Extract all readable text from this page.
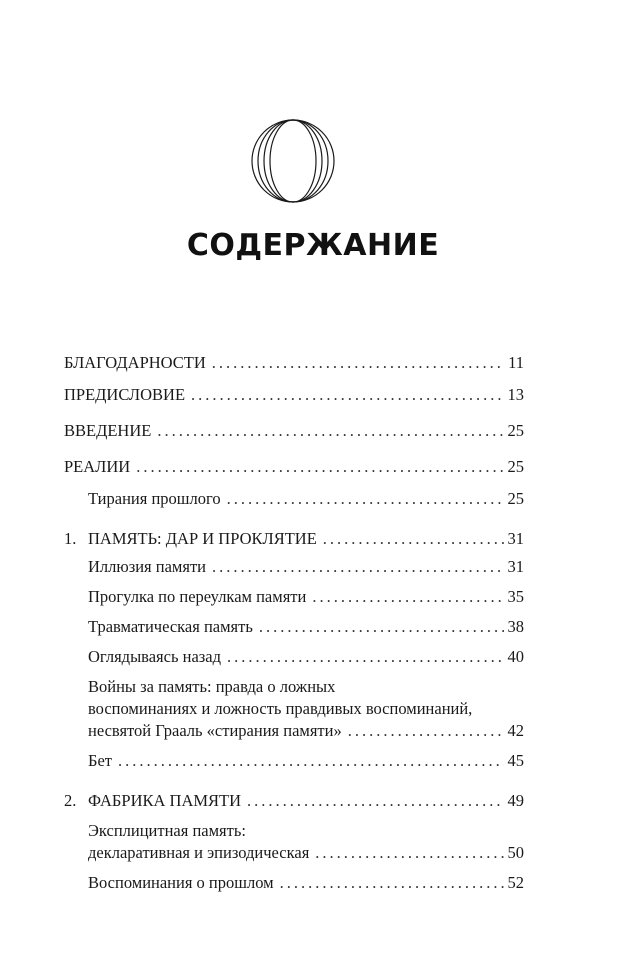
СОДЕРЖАНИЕ
БЛАГОДАРНОСТИ .....	11
ПРЕДИСЛОВИЕ .....	13
ВВЕДЕНИЕ .....	25
РЕАЛИИ .....	25
Тирания прошлого .....	25
1. ПАМЯТЬ: ДАР И ПРОКЛЯТИЕ .....	31
Иллюзия памяти .....	31
Прогулка по переулкам памяти .....	35
Травматическая память .....	38
Оглядываясь назад .....	40
Войны за память: правда о ложных
воспоминаниях и ложность правдивых воспоминаний,
несвятой Грааль «стирания памяти» .....	42
Бет .....	45
2. ФАБРИКА ПАМЯТИ .....	49
Эксплицитная память:
декларативная и эпизодическая .....	50
Воспоминания о прошлом .....	52
